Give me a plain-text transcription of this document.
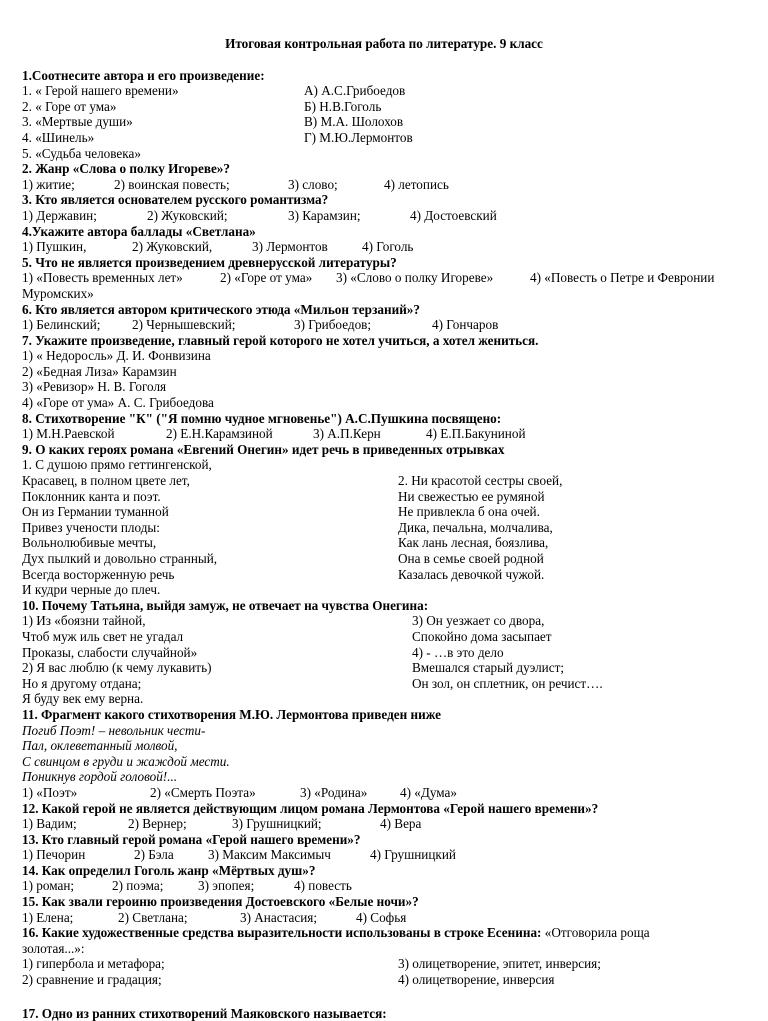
Итоговая контрольная работа по литературе. 9 класс
1.Соотнесите автора и его произведение:
1. « Герой нашего времени»	А) А.С.Грибоедов
2. « Горе от ума»	Б) Н.В.Гоголь
3. «Мертвые души»	В) М.А. Шолохов
4. «Шинель»	Г) М.Ю.Лермонтов
5. «Судьба человека»
2. Жанр «Слова о полку Игореве»?
1) житие;	2) воинская повесть;	3) слово;	4) летопись
3. Кто является основателем русского романтизма?
1) Державин;	2) Жуковский;	3) Карамзин;	4) Достоевский
4.Укажите автора баллады «Светлана»
1) Пушкин,	2) Жуковский,	3) Лермонтов	4) Гоголь
5. Что не является произведением древнерусской литературы?
1) «Повесть временных лет»	2) «Горе от ума» 3) «Слово о полку Игореве»	4) «Повесть о Петре и Февронии
Муромских»
6. Кто является автором критического этюда «Мильон терзаний»?
1) Белинский; 2) Чернышевский;	3) Грибоедов;	4) Гончаров
7. Укажите произведение, главный герой которого не хотел учиться, а хотел жениться.
1) « Недоросль» Д. И. Фонвизина
2) «Бедная Лиза» Карамзин
3) «Ревизор» Н. В. Гоголя
4) «Горе от ума» А. С. Грибоедова
8. Стихотворение "К" ("Я помню чудное мгновенье") А.С.Пушкина посвящено:
1) М.Н.Раевской	2) Е.Н.Карамзиной	3) А.П.Керн	4) Е.П.Бакуниной
9. О каких героях романа «Евгений Онегин» идет речь в приведенных отрывках
1. С душою прямо геттингенской,
Красавец, в полном цвете лет,	2. Ни красотой сестры своей,
Поклонник канта и поэт.	Ни свежестью ее румяной
Он из Германии туманной	Не привлекла б она очей.
Привез учености плоды:	Дика, печальна, молчалива,
Вольнолюбивые мечты,	Как лань лесная, боязлива,
Дух пылкий и довольно странный,	Она в семье своей родной
Всегда восторженную речь	Казалась девочкой чужой.
И кудри черные до плеч.
10. Почему Татьяна, выйдя замуж, не отвечает на чувства Онегина:
1) Из «боязни тайной,	3) Он уезжает со двора,
Чтоб муж иль свет не угадал	Спокойно дома засыпает
Проказы, слабости случайной»	4) - …в это дело
2) Я вас люблю (к чему лукавить)	Вмешался старый дуэлист;
Но я другому отдана;	Он зол, он сплетник, он речист….
Я буду век ему верна.
11. Фрагмент какого стихотворения М.Ю. Лермонтова приведен ниже
Погиб Поэт! – невольник чести-
Пал, оклеветанный молвой,
С свинцом в груди и жаждой мести.
Поникнув гордой головой!...
1) «Поэт»	2) «Смерть Поэта»	3) «Родина» 4) «Дума»
12. Какой герой не является действующим лицом романа Лермонтова «Герой нашего времени»?
1) Вадим;	2) Вернер;	3) Грушницкий;	4) Вера
13. Кто главный герой романа «Герой нашего времени»?
1) Печорин	2) Бэла	3) Максим Максимыч	4) Грушницкий
14. Как определил Гоголь жанр «Мёртвых душ»?
1) роман;	2) поэма;	3) эпопея;	4) повесть
15. Как звали героиню произведения Достоевского «Белые ночи»?
1) Елена;	2) Светлана;	3) Анастасия;	4) Софья
16. Какие художественные средства выразительности использованы в строке Есенина: «Отговорила роща
золотая...»:
1) гипербола и метафора;	3) олицетворение, эпитет, инверсия;
2) сравнение и градация;	4) олицетворение, инверсия
17. Одно из ранних стихотворений Маяковского называется:
